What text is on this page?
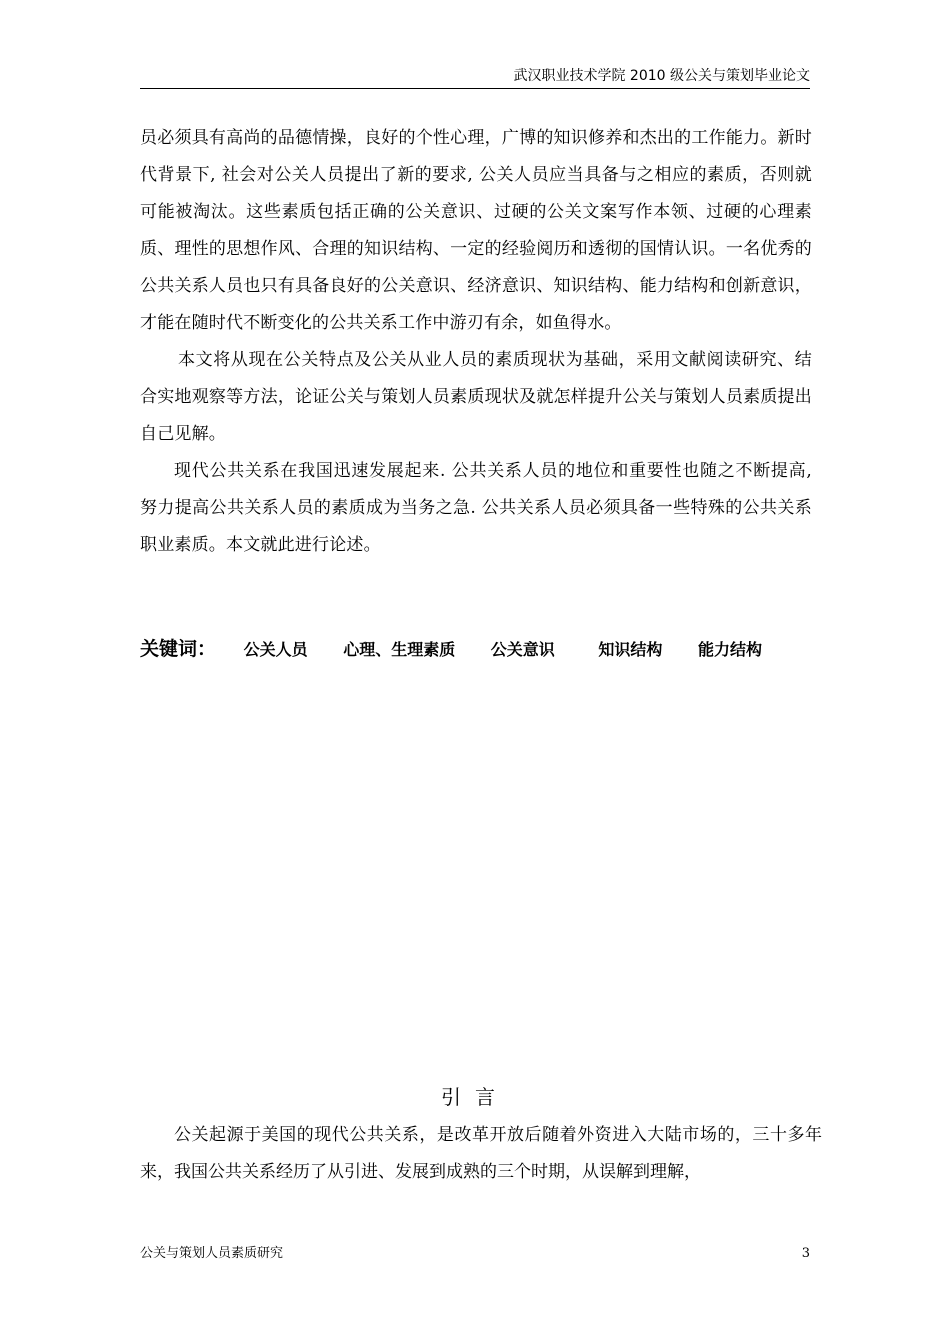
武汉职业技术学院 2010 级公关与策划毕业论文

员必须具有高尚的品德情操，良好的个性心理，广博的知识修养和杰出的工作能力。新时代背景下, 社会对公关人员提出了新的要求, 公关人员应当具备与之相应的素质，否则就可能被淘汰。这些素质包括正确的公关意识、过硬的公关文案写作本领、过硬的心理素质、理性的思想作风、合理的知识结构、一定的经验阅历和透彻的国情认识。一名优秀的公共关系人员也只有具备良好的公关意识、经济意识、知识结构、能力结构和创新意识，才能在随时代不断变化的公共关系工作中游刃有余，如鱼得水。

本文将从现在公关特点及公关从业人员的素质现状为基础，采用文献阅读研究、结合实地观察等方法，论证公关与策划人员素质现状及就怎样提升公关与策划人员素质提出自己见解。

现代公共关系在我国迅速发展起来. 公共关系人员的地位和重要性也随之不断提高, 努力提高公共关系人员的素质成为当务之急. 公共关系人员必须具备一些特殊的公共关系职业素质。本文就此进行论述。

关键词： 公关人员 心理、生理素质 公关意识	知识结构 能力结构
引言

公关起源于美国的现代公共关系，是改革开放后随着外资进入大陆市场的，三十多年来，我国公共关系经历了从引进、发展到成熟的三个时期，从误解到理解，

公关与策划人员素质研究	3
